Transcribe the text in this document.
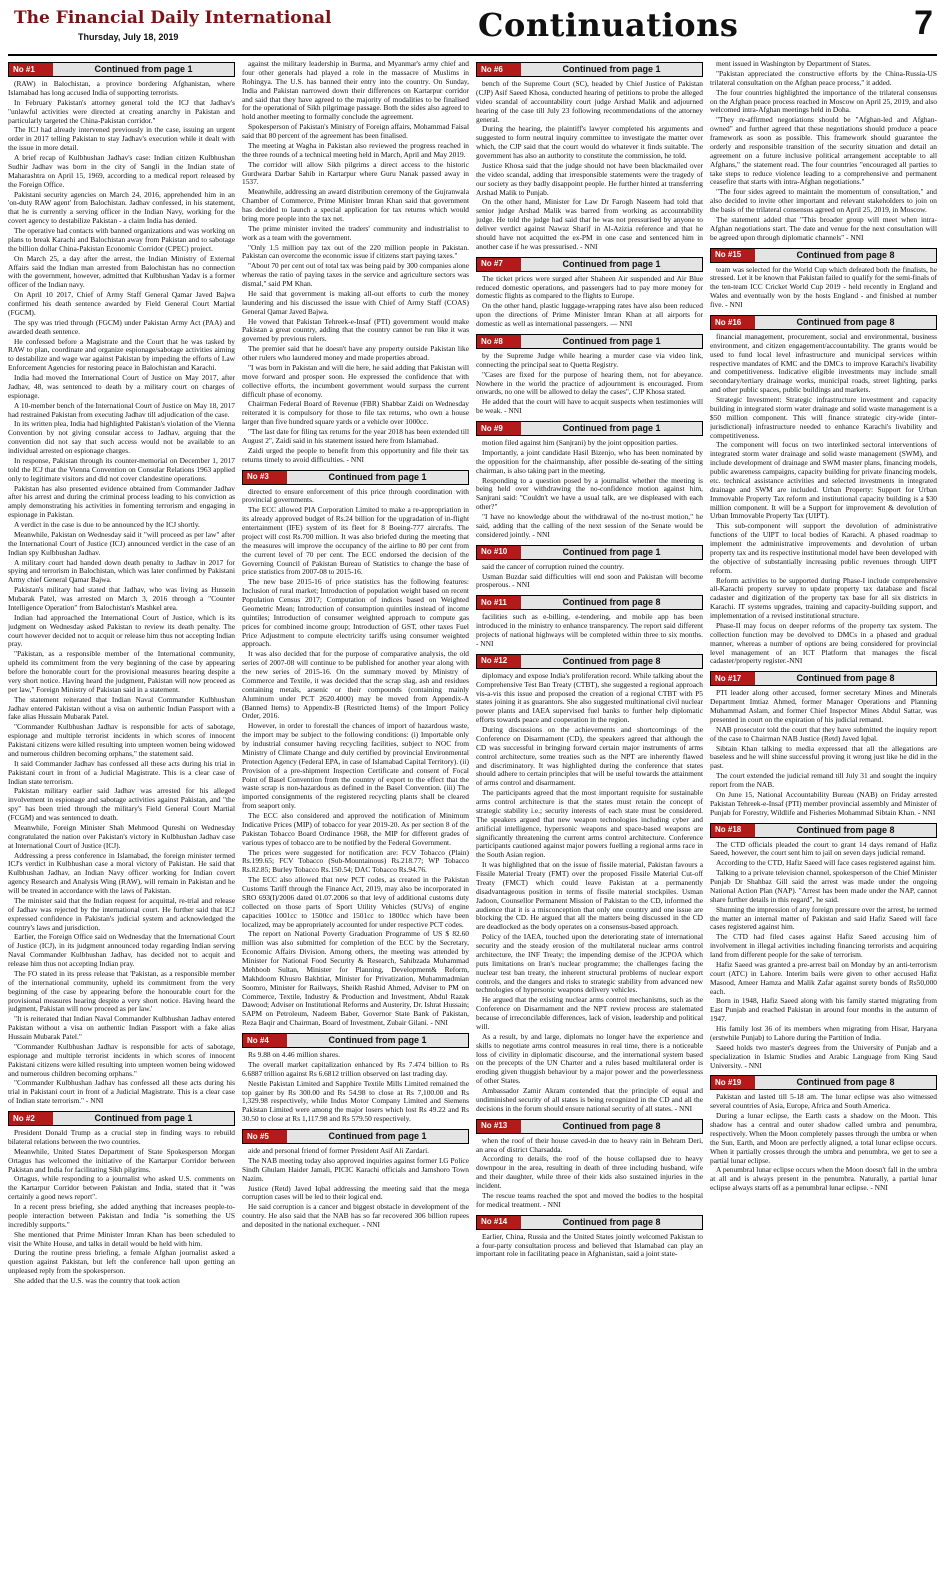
The Financial Daily International
Thursday, July 18, 2019	Continuations	7
No #1	Continued from page 1

(RAW) in Balochistan, a province bordering Afghanistan, where Islamabad has long accused India of supporting terrorists.

In February Pakistan's attorney general told the ICJ that Jadhav's "unlawful activities were directed at creating anarchy in Pakistan and particularly targeted the China-Pakistan corridor."

The ICJ had already intervened previously in the case, issuing an urgent order in 2017 telling Pakistan to stay Jadhav's execution while it dealt with the issue in more detail.

A brief recap of Kulbhushan Jadhav's case: Indian citizen Kulbhushan Sudhir Jadhav was born in the city of Sangli in the Indian state of Maharashtra on April 15, 1969, according to a medical report released by the Foreign Office.

Pakistani security agencies on March 24, 2016, apprehended him in an 'on-duty RAW agent' from Balochistan. Jadhav confessed, in his statement, that he is currently a serving officer in the Indian Navy, working for the covert agency to destabilize Pakistan - a claim India has denied.

The operative had contacts with banned organizations and was working on plans to break Karachi and Balochistan away from Pakistan and to sabotage the billion dollar China-Pakistan Economic Corridor (CPEC) project.

On March 25, a day after the arrest, the Indian Ministry of External Affairs said the Indian man arrested from Balochistan has no connection with the government, however, admitted that Kulbhushan Yadav is a former officer of the Indian navy.

On April 10 2017, Chief of Army Staff General Qamar Javed Bajwa confirmed his death sentence awarded by Field General Court Martial (FGCM).

The spy was tried through (FGCM) under Pakistan Army Act (PAA) and awarded death sentence.

He confessed before a Magistrate and the Court that he was tasked by RAW to plan, coordinate and organize espionage/sabotage activities aiming to destabilize and wage war against Pakistan by impeding the efforts of Law Enforcement Agencies for restoring peace in Balochistan and Karachi.

India had moved the International Court of Justice on May 2017, after Jadhav, 48, was sentenced to death by a military court on charges of espionage.

A 10-member bench of the International Court of Justice on May 18, 2017 had restrained Pakistan from executing Jadhav till adjudication of the case.

In its written plea, India had highlighted Pakistan's violation of the Vienna Convention by not giving consular access to Jadhav, arguing that the convention did not say that such access would not be available to an individual arrested on espionage charges.

In response, Pakistan through its counter-memorial on December 1, 2017 told the ICJ that the Vienna Convention on Consular Relations 1963 applied only to legitimate visitors and did not cover clandestine operations.

Pakistan has also presented evidence obtained from Commander Jadhav after his arrest and during the criminal process leading to his conviction as amply demonstrating his activities in fomenting terrorism and engaging in espionage in Pakistan.

A verdict in the case is due to be announced by the ICJ shortly.

Meanwhile, Pakistan on Wednesday said it "will proceed as per law" after the International Court of Justice (ICJ) announced verdict in the case of an Indian spy Kulbhushan Jadhav.

A military court had handed down death penalty to Jadhav in 2017 for spying and terrorism in Balochistan, which was later confirmed by Pakistani Army chief General Qamar Bajwa.

Pakistan's military had stated that Jadhav, who was living as Hussein Mubarak Patel, was arrested on March 3, 2016 through a "Counter Intelligence Operation" from Balochistan's Mashkel area.

Indian had approached the International Court of Justice, which is its judgment on Wednesday asked Pakistan to review its death penalty. The court however decided not to acquit or release him thus not accepting Indian pray.

"Pakistan, as a responsible member of the International community, upheld its commitment from the very beginning of the case by appearing before the honorable court for the provisional measures hearing despite a very short notice. Having heard the judgment, Pakistan will now proceed as per law," Foreign Ministry of Pakistan said in a statement.

The statement reiterated that Indian Naval Commander Kulbhushan Jadhav entered Pakistan without a visa on authentic Indian Passport with a fake alias Hussain Mubarak Patel.

"Commander Kulbhushan Jadhav is responsible for acts of sabotage, espionage and multiple terrorist incidents in which scores of innocent Pakistani citizens were killed resulting into umpteen women being widowed and numerous children becoming orphans," the statement said.

It said Commander Jadhav has confessed all these acts during his trial in Pakistani court in front of a Judicial Magistrate. This is a clear case of Indian state terrorism.

Pakistan military earlier said Jadhav was arrested for his alleged involvement in espionage and sabotage activities against Pakistan, and "the spy" has been tried through the military's Field General Court Martial (FCGM) and was sentenced to death.

Meanwhile, Foreign Minister Shah Mehmood Qureshi on Wednesday congratulated the nation over Pakistan's victory in Kulbhushan Jadhav case at International Court of Justice (ICJ).

Addressing a press conference in Islamabad, the foreign minister termed ICJ's verdict in Kulbhushan case a moral victory of Pakistan. He said that Kulbhushan Jadhav, an Indian Navy officer working for Indian covert agency Research and Analysis Wing (RAW), will remain in Pakistan and he will be treated in accordance with the laws of Pakistan.

The minister said that the Indian request for acquittal, re-trial and release of Jadhav was rejected by the international court. He further said that ICJ expressed confidence in Pakistan's judicial system and acknowledged the country's laws and jurisdiction.

Earlier, the Foreign Office said on Wednesday that the International Court of Justice (ICJ), in its judgment announced today regarding Indian serving Naval Commander Kulbhushan Jadhav, has decided not to acquit and release him thus not accepting Indian pray.

The FO stated in its press release that 'Pakistan, as a responsible member of the international community, upheld its commitment from the very beginning of the case by appearing before the honourable court for the provisional measures hearing despite a very short notice. Having heard the judgment, Pakistan will now proceed as per law.'

"It is reiterated that Indian Naval Commander Kulbhushan Jadhav entered Pakistan without a visa on authentic Indian Passport with a fake alias Hussain Mubarak Patel."

"Commander Kulbhushan Jadhav is responsible for acts of sabotage, espionage and multiple terrorist incidents in which scores of innocent Pakistani citizens were killed resulting into umpteen women being widowed and numerous children becoming orphans."

"Commander Kulbhushan Jadhav has confessed all these acts during his trial in Pakistani court in front of a Judicial Magistrate. This is a clear case of Indian state terrorism." - NNI

No #2	Continued from page 1

President Donald Trump as a crucial step in finding ways to rebuild bilateral relations between the two countries.

Meanwhile, United States Department of State Spokesperson Morgan Ortagus has welcomed the initiative of the Kartarpur Corridor between Pakistan and India for facilitating Sikh pilgrims.

Ortagus, while responding to a journalist who asked U.S. comments on the Kartarpur Corridor between Pakistan and India, stated that it "was certainly a good news report".

In a recent press briefing, she added anything that increases people-to-people interaction between Pakistan and India "is something the US incredibly supports."

She mentioned that Prime Minister Imran Khan has been scheduled to visit the White House, and talks in detail would be held with him.

During the routine press briefing, a female Afghan journalist asked a question against Pakistan, but left the conference hall upon getting an unpleased reply from the spokesperson.

She added that the U.S. was the country that took action

against the military leadership in Burma, and Myanmar's army chief and four other generals had played a role in the massacre of Muslims in Rohingya. The U.S. has banned their entry into the country. On Sunday, India and Pakistan narrowed down their differences on Kartarpur corridor and said that they have agreed to the majority of modalities to be finalised for the operational of Sikh pilgrimage passage. Both the sides also agreed to hold another meeting to formally conclude the agreement.

Spokesperson of Pakistan's Ministry of Foreign affairs, Mohammad Faisal said that 80 percent of the agreement has been finalised.

The meeting at Wagha in Pakistan also reviewed the progress reached in the three rounds of a technical meeting held in March, April and May 2019.

The corridor will allow Sikh pilgrims a direct access to the historic Gurdwara Darbar Sahib in Kartarpur where Guru Nanak passed away in 1537.

Meanwhile, addressing an award distribution ceremony of the Gujranwala Chamber of Commerce, Prime Minister Imran Khan said that government has decided to launch a special application for tax returns which would bring more people into the tax net.

The prime minister invited the traders' community and industrialist to work as a team with the government.

"Only 1.5 million pay tax out of the 220 million people in Pakistan. Pakistan can overcome the economic issue if citizens start paying taxes."

"About 70 per cent out of total tax was being paid by 300 companies alone whereas the ratio of paying taxes in the service and agriculture sectors was dismal," said PM Khan.

He said that government is making all-out efforts to curb the money laundering and his discussed the issue with Chief of Army Staff (COAS) General Qamar Javed Bajwa.

He vowed that Pakistan Tehreek-e-Insaf (PTI) government would make Pakistan a great country, adding that the country cannot be run like it was governed by previous rulers.

The premier said that he doesn't have any property outside Pakistan like other rulers who laundered money and made properties abroad.

"I was born in Pakistan and will die here, he said adding that Pakistan will move forward and prosper soon. He expressed the confidence that with collective efforts, the incumbent government would surpass the current difficult phase of economy.

Chairman Federal Board of Revenue (FBR) Shabbar Zaidi on Wednesday reiterated it is compulsory for those to file tax returns, who own a house larger than five hundred square yards or a vehicle over 1000cc.

"The last date for filing tax returns for the year 2018 has been extended till August 2", Zaidi said in his statement issued here from Islamabad.

Zaidi urged the people to benefit from this opportunity and file their tax returns timely to avoid difficulties. - NNI

No #3	Continued from page 1

directed to ensure enforcement of this price through coordination with provincial governments.

The ECC allowed PIA Corporation Limited to make a re-appropriation in its already approved budget of Rs.24 billion for the upgradation of in-flight entertainment (IFE) system of its fleet for 8 Boeing-777 aircrafts. The project will cost Rs.700 million. It was also briefed during the meeting that the measures will improve the occupancy of the airline to 80 per cent from the current level of 70 per cent. The ECC endorsed the decision of the Governing Council of Pakistan Bureau of Statistics to change the base of price statistics from 2007-08 to 2015-16.

The new base 2015-16 of price statistics has the following features: Inclusion of rural market; Introduction of population weight based on recent Population Census 2017; Computation of indices based on Weighted Geometric Mean; Introduction of consumption quintiles instead of income quintiles; Introduction of consumer weighted approach to compute gas prices for combined income group; Introduction of GST, other taxes Fuel Price Adjustment to compute electricity tariffs using consumer weighted approach.

It was also decided that for the purpose of comparative analysis, the old series of 2007-08 will continue to be published for another year along with the new series of 2015-16. On the summary moved by Ministry of Commerce and Textile, it was decided that the scrap slag, ash and residues containing metals, arsenic or their compounds (containing mainly Aluminum under PCT 2620.4000) may be moved from Appendix-A (Banned Items) to Appendix-B (Restricted Items) of the Import Policy Order, 2016.

However, in order to forestall the chances of import of hazardous waste, the import may be subject to the following conditions: (i) Importable only by industrial consumer having recycling facilities, subject to NOC from Ministry of Climate Change and duly certified by provincial Environmental Protection Agency (Federal EPA, in case of Islamabad Capital Territory). (ii) Provision of a pre-shipment Inspection Certificate and consent of Focal Point of Basel Convention from the country of export to the effect that the waste scrap is non-hazardous as defined in the Basel Convention. (iii) The imported consignments of the registered recycling plants shall be cleared from seaport only.

The ECC also considered and approved the notification of Minimum Indicative Prices (MIP) of tobacco for year 2019-20. As per section 8 of the Pakistan Tobacco Board Ordinance 1968, the MIP for different grades of various types of tobacco are to be notified by the Federal Government.

The prices were suggested for notification are: FCV Tobacco (Plain) Rs.199.65; FCV Tobacco (Sub-Mountainous) Rs.218.77; WP Tobacco Rs.82.85; Burley Tobacco Rs.150.54; DAC Tobacco Rs.94.76.

The ECC also allowed that new PCT codes, as created in the Pakistan Customs Tariff through the Finance Act, 2019, may also be incorporated in SRO 693(I)/2006 dated 01.07.2006 so that levy of additional customs duty collected on those parts of Sport Utility Vehicles (SUVs) of engine capacities 1001cc to 1500cc and 1501cc to 1800cc which have been localized, may be appropriately accounted for under respective PCT codes.

The report on National Poverty Graduation Programme of US $ 82.60 million was also submitted for completion of the ECC by the Secretary, Economic Affairs Division. Among others, the meeting was attended by Minister for National Food Security & Research, Sahibzada Muhammad Mehboob Sultan, Minister for Planning, Development& Reform, Makhdoom Khusro Bakhtiar, Minister for Privatization, Muhammadmian Soomro, Minister for Railways, Sheikh Rashid Ahmed, Adviser to PM on Commerce, Textile, Industry & Production and Investment, Abdul Razak Dawood; Adviser on Institutional Reforms and Austerity, Dr. Ishrat Hussain; SAPM on Petroleum, Nadeem Baber, Governor State Bank of Pakistan, Reza Baqir and Chairman, Board of Investment, Zubair Gilani. - NNI

No #4	Continued from page 1

Rs 9.88 on 4.46 million shares.

The overall market capitalization enhanced by Rs 7.474 billion to Rs 6.6887 trillion against Rs 6.6812 trillion observed on last trading day.

Nestle Pakistan Limited and Sapphire Textile Mills Limited remained the top gainer by Rs 300.00 and Rs 54.98 to close at Rs 7,100.00 and Rs 1,329.98 respectively, while Indus Motor Company Limited and Siemens Pakistan Limited were among the major losers which lost Rs 49.22 and Rs 30.50 to close at Rs 1,117.98 and Rs 579.50 respectively.

No #5	Continued from page 1

aide and personal friend of former President Asif Ali Zardari.

The NAB meeting today also approved inquiries against former I.G Police Sindh Ghulam Haider Jamali, PICIC Karachi officials and Jamshoro Town Nazim.

Justice (Retd) Javed Iqbal addressing the meeting said that the mega corruption cases will be led to their logical end.

He said corruption is a cancer and biggest obstacle in development of the country. He also said that the NAB has so far recovered 306 billion rupees and deposited in the national exchequer. - NNI

No #6	Continued from page 1

bench of the Supreme Court (SC), headed by Chief Justice of Pakistan (CJP) Asif Saeed Khosa, conducted hearing of petitions to probe the alleged video scandal of accountability court judge Arshad Malik and adjourned hearing of the case till July 23 following recommendations of the attorney general.

During the hearing, the plaintiff's lawyer completed his arguments and suggested to form neutral inquiry committee to investigate the matter over which, the CJP said that the court would do whatever it finds suitable. The government has also an authority to constitute the commission, he told.

Justice Khosa said that the judge should not have been blackmailed over the video scandal, adding that irresponsible statements were the tragedy of our society as they badly disappoint people. He further hinted at transferring Arshad Malik to Punjab.

On the other hand, Minister for Law Dr Farogh Naseem had told that senior judge Arshad Malik was barred from working as accountability judge. He told the judge had said that he was not pressurised by anyone to deliver verdict against Nawaz Sharif in Al-Azizia reference and that he should have not acquitted the ex-PM in one case and sentenced him in another case if he was pressurised. - NNI

No #7	Continued from page 1

The ticket prices were surged after Shaheen Air suspended and Air Blue reduced domestic operations, and passengers had to pay more money for domestic flights as compared to the flights to Europe.

On the other hand, plastic luggage-wrapping rates have also been reduced upon the directions of Prime Minister Imran Khan at all airports for domestic as well as international passengers. — NNI

No #8	Continued from page 1

by the Supreme Judge while hearing a murder case via video link, connecting the principal seat to Quetta Registry.

"Cases are fixed for the purpose of hearing them, not for abeyance. Nowhere in the world the practice of adjournment is encouraged. From onwards, no one will be allowed to delay the cases", CJP Khosa stated.

He added that the court will have to acquit suspects when testimonies will be weak. - NNI

No #9	Continued from page 1

motion filed against him (Sanjrani) by the joint opposition parties.

Importantly, a joint candidate Hasil Bizenjo, who has been nominated by the opposition for the chairmanship, after possible de-seating of the sitting chairman, is also taking part in the meeting.

Responding to a question posed by a journalist whether the meeting is being held over withdrawing the no-confidence motion against him, Sanjrani said: "Couldn't we have a usual talk, are we displeased with each other?"

"I have no knowledge about the withdrawal of the no-trust motion," he said, adding that the calling of the next session of the Senate would be considered jointly. - NNI

No #10	Continued from page 1

said the cancer of corruption ruined the country.

Usman Buzdar said difficulties will end soon and Pakistan will become prosperous. - NNI

No #11	Continued from page 8

facilities such as e-billing, e-tendering, and mobile app has been introduced in the ministry to enhance transparency. The report said different projects of national highways will be completed within three to six months. - NNI

No #12	Continued from page 8

diplomacy and expose India's proliferation record. While talking about the Comprehensive Test Ban Treaty (CTBT), she suggested a regional approach vis-a-vis this issue and proposed the creation of a regional CTBT with P5 states joining it as guarantors. She also suggested multinational civil nuclear power plants and IAEA supervised fuel banks to further help diplomatic efforts towards peace and cooperation in the region.

During discussions on the achievements and shortcomings of the Conference on Disarmament (CD), the speakers agreed that although the CD was successful in bringing forward certain major instruments of arms control architecture, some treaties such as the NPT are inherently flawed and discriminatory. It was highlighted during the conference that states should adhere to certain principles that will be useful towards the attainment of arms control and disarmament.

The participants agreed that the most important requisite for sustainable arms control architecture is that the states must retain the concept of strategic stability i.e.; security interests of each state must be considered. The speakers argued that new weapon technologies including cyber and artificial intelligence, hypersonic weapons and space-based weapons are significantly threatening the current arms control architecture. Conference participants cautioned against major powers fuelling a regional arms race in the South Asian region.

It was highlighted that on the issue of fissile material, Pakistan favours a Fissile Material Treaty (FMT) over the proposed Fissile Material Cut-off Treaty (FMCT) which could leave Pakistan at a permanently disadvantageous position in terms of fissile material stockpiles. Usman Jadoon, Counsellor Permanent Mission of Pakistan to the CD, informed the audience that it is a misconception that only one country and one issue are blocking the CD. He argued that all the matters being discussed in the CD are deadlocked as the body operates on a consensus-based approach.

Policy of the IAEA, touched upon the deteriorating state of international security and the steady erosion of the multilateral nuclear arms control architecture, the INF Treaty; the impending demise of the JCPOA which puts limitations on Iran's nuclear programme; the challenges facing the nuclear test ban treaty, the inherent structural problems of nuclear export controls, and the dangers and risks to strategic stability from advanced new technologies of hypersonic weapons delivery vehicles.

He argued that the existing nuclear arms control mechanisms, such as the Conference on Disarmament and the NPT review process are stalemated because of irreconcilable differences, lack of vision, leadership and political will.

As a result, by and large, diplomats no longer have the experience and skills to negotiate arms control measures in real time, there is a noticeable loss of civility in diplomatic discourse, and the international system based on the precepts of the UN Charter and a rules based multilateral order is eroding given thuggish behaviour by a major power and the powerlessness of other States.

Ambassador Zamir Akram contended that the principle of equal and undiminished security of all states is being recognized in the CD and all the decisions in the forum should ensure national security of all states. - NNI

No #13	Continued from page 8

when the roof of their house caved-in due to heavy rain in Behram Deri, an area of district Charsadda.

According to details, the roof of the house collapsed due to heavy downpour in the area, resulting in death of three including husband, wife and their daughter, while three of their kids also sustained injuries in the incident.

The rescue teams reached the spot and moved the bodies to the hospital for medical treatment. - NNI

No #14	Continued from page 8

Earlier, China, Russia and the United States jointly welcomed Pakistan to a four-party consultation process and believed that Islamabad can play an important role in facilitating peace in Afghanistan, said a joint state-

ment issued in Washington by Department of States.

"Pakistan appreciated the constructive efforts by the China-Russia-US trilateral consultation on the Afghan peace process," it added.

The four countries highlighted the importance of the trilateral consensus on the Afghan peace process reached in Moscow on April 25, 2019, and also welcomed intra-Afghan meetings held in Doha.

"They re-affirmed negotiations should be "Afghan-led and Afghan-owned" and further agreed that these negotiations should produce a peace framework as soon as possible. This framework should guarantee the orderly and responsible transition of the security situation and detail an agreement on a future inclusive political arrangement acceptable to all Afghans," the statement read. The four countries "encouraged all parties to take steps to reduce violence leading to a comprehensive and permanent ceasefire that starts with intra-Afghan negotiations."

"The four sides agreed to maintain the momentum of consultation," and also decided to invite other important and relevant stakeholders to join on the basis of the trilateral consensus agreed on April 25, 2019, in Moscow.

The statement added that "This broader group will meet when intra-Afghan negotiations start. The date and venue for the next consultation will be agreed upon through diplomatic channels" - NNI

No #15	Continued from page 8

team was selected for the World Cup which defeated both the finalists, he stressed. Let it be known that Pakistan failed to qualify for the semi-finals of the ten-team ICC Cricket World Cup 2019 - held recently in England and Wales and eventually won by the hosts England - and finished at number five. - NNI

No #16	Continued from page 8

financial management, procurement, social and environmental, business environment, and citizen engagement/accountability. The grants would be used to fund local level infrastructure and municipal services within respective mandates of KMC and the DMCs to improve Karachi's livability and competitiveness. Indicative eligible investments may include small secondary/tertiary drainage works, municipal roads, street lighting, parks and other public spaces, public buildings and markets.

Strategic Investment: Strategic infrastructure investment and capacity building in integrated storm water drainage and solid waste management is a $50 million component. This will finance strategic city-wide (inter-jurisdictional) infrastructure needed to enhance Karachi's livability and competitiveness.

The component will focus on two interlinked sectoral interventions of integrated storm water drainage and solid waste management (SWM), and include development of drainage and SWM master plans, financing models, public awareness campaigns, capacity building for private financing models, etc. technical assistance activities and selected investments in integrated drainage and SWM are included. Urban Property: Support for Urban Immovable Property Tax reform and institutional capacity building is a $30 million component. It will be a Support for improvement & devolution of Urban Immovable Property Tax (UIPT).

This sub-component will support the devolution of administrative functions of the UIPT to local bodies of Karachi. A phased roadmap to implement the administrative improvements and devolution of urban property tax and its respective institutional model have been developed with the objective of substantially increasing public revenues through UIPT reform.

Reform activities to be supported during Phase-I include comprehensive all-Karachi property survey to update property tax database and fiscal cadaster and digitization of the property tax base for all six districts in Karachi. IT systems upgrades, training and capacity-building support, and implementation of a revised institutional structure.

Phase-II may focus on deeper reforms of the property tax system. The collection function may be devolved to DMCs in a phased and gradual manner, whereas a number of options are being considered for provincial level management of an ICT Platform that manages the fiscal cadaster/property register.-NNI

No #17	Continued from page 8

PTI leader along other accused, former secretary Mines and Minerals Department Imtiaz Ahmed, former Manager Operations and Planning Muhammad Aslam, and former Chief Inspector Mines Abdul Sattar, was presented in court on the expiration of his judicial remand.

NAB prosecutor told the court that they have submitted the inquiry report of the case to Chairman NAB Justice (Retd) Javed Iqbal.

Sibtain Khan talking to media expressed that all the allegations are baseless and he will shine successful proving it wrong just like he did in the past.

The court extended the judicial remand till July 31 and sought the inquiry report from the NAB.

On June 15, National Accountability Bureau (NAB) on Friday arrested Pakistan Tehreek-e-Insaf (PTI) member provincial assembly and Minister of Punjab for Forestry, Wildlife and Fisheries Mohammad Sibtain Khan. - NNI

No #18	Continued from page 8

The CTD officials pleaded the court to grant 14 days remand of Hafiz Saeed, however, the court sent him to jail on seven days judicial remand.

According to the CTD, Hafiz Saeed will face cases registered against him.

Talking to a private television channel, spokesperson of the Chief Minister Punjab Dr Shahbaz Gill said the arrest was made under the ongoing National Action Plan (NAP). "Arrest has been made under the NAP, cannot share further details in this regard", he said.

Shunning the impression of any foreign pressure over the arrest, he termed the matter an internal matter of Pakistan and said Hafiz Saeed will face cases registered against him.

The CTD had filed cases against Hafiz Saeed accusing him of involvement in illegal activities including financing terrorists and acquiring land from different people for the sake of terrorism.

Hafiz Saeed was granted a pre-arrest bail on Monday by an anti-terrorism court (ATC) in Lahore. Interim bails were given to other accused Hafiz Masood, Ameer Hamza and Malik Zafar against surety bonds of Rs50,000 each.

Born in 1948, Hafiz Saeed along with his family started migrating from East Punjab and reached Pakistan in around four months in the autumn of 1947.

His family lost 36 of its members when migrating from Hisar, Haryana (erstwhile Punjab) to Lahore during the Partition of India.

Saeed holds two master's degrees from the University of Punjab and a specialization in Islamic Studies and Arabic Language from King Saud University. - NNI

No #19	Continued from page 8

Pakistan and lasted till 5-18 am. The lunar eclipse was also witnessed several countries of Asia, Europe, Africa and South America.

During a lunar eclipse, the Earth casts a shadow on the Moon. This shadow has a central and outer shadow called umbra and penumbra, respectively. When the Moon completely passes through the umbra or when the Sun, Earth, and Moon are perfectly aligned, a total lunar eclipse occurs. When it partially crosses through the umbra and penumbra, we get to see a partial lunar eclipse.

A penumbral lunar eclipse occurs when the Moon doesn't fall in the umbra at all and is always present in the penumbra. Naturally, a partial lunar eclipse always starts off as a penumbral lunar eclipse. - NNI
